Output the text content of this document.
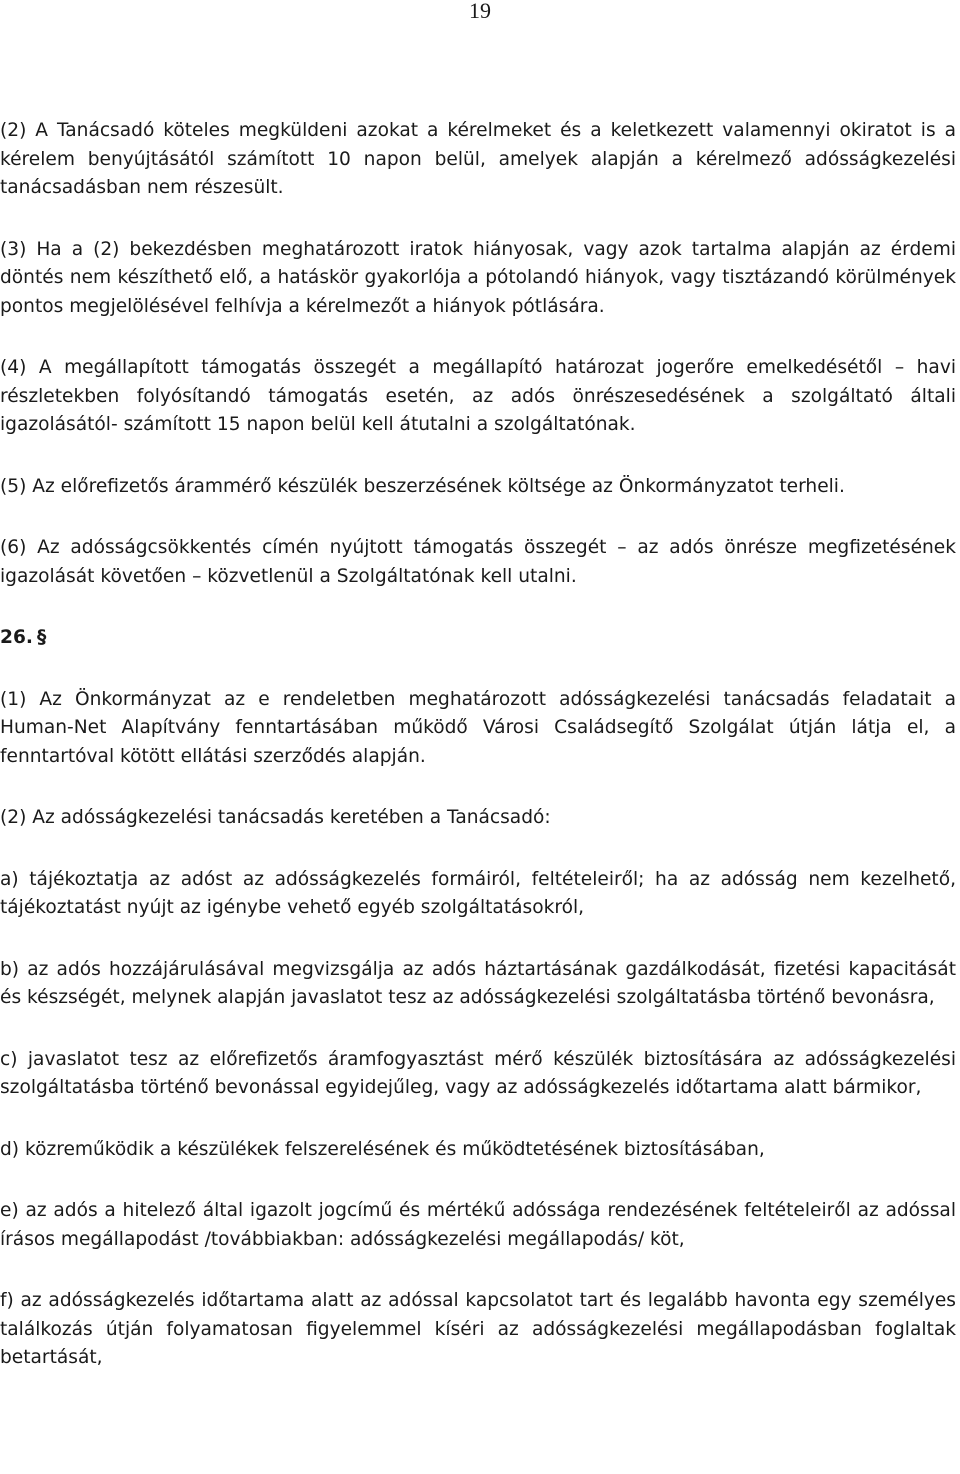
19

(2) A Tanácsadó köteles megküldeni azokat a kérelmeket és a keletkezett valamennyi okiratot is a kérelem benyújtásától számított 10 napon belül, amelyek alapján a kérelmező adósságkezelési tanácsadásban nem részesült.

(3) Ha a (2) bekezdésben meghatározott iratok hiányosak, vagy azok tartalma alapján az érdemi döntés nem készíthető elő, a hatáskör gyakorlója a pótolandó hiányok, vagy tisztázandó körülmények pontos megjelölésével felhívja a kérelmezőt a hiányok pótlására.

(4) A megállapított támogatás összegét a megállapító határozat jogerőre emelkedésétől – havi részletekben folyósítandó támogatás esetén, az adós önrészesedésének a szolgáltató általi igazolásától- számított 15 napon belül kell átutalni a szolgáltatónak.

(5) Az előrefizetős árammérő készülék beszerzésének költsége az Önkormányzatot terheli.

(6) Az adósságcsökkentés címén nyújtott támogatás összegét – az adós önrésze megfizetésének igazolását követően – közvetlenül a Szolgáltatónak kell utalni.

26. §

(1) Az Önkormányzat az e rendeletben meghatározott adósságkezelési tanácsadás feladatait a Human-Net Alapítvány fenntartásában működő Városi Családsegítő Szolgálat útján látja el, a fenntartóval kötött ellátási szerződés alapján.

(2) Az adósságkezelési tanácsadás keretében a Tanácsadó:

a) tájékoztatja az adóst az adósságkezelés formáiról, feltételeiről; ha az adósság nem kezelhető, tájékoztatást nyújt az igénybe vehető egyéb szolgáltatásokról,

b) az adós hozzájárulásával megvizsgálja az adós háztartásának gazdálkodását, fizetési kapacitását és készségét, melynek alapján javaslatot tesz az adósságkezelési szolgáltatásba történő bevonásra,

c) javaslatot tesz az előrefizetős áramfogyasztást mérő készülék biztosítására az adósságkezelési szolgáltatásba történő bevonással egyidejűleg, vagy az adósságkezelés időtartama alatt bármikor,

d) közreműködik a készülékek felszerelésének és működtetésének biztosításában,

e) az adós a hitelező által igazolt jogcímű és mértékű adóssága rendezésének feltételeiről az adóssal írásos megállapodást /továbbiakban: adósságkezelési megállapodás/ köt,

f) az adósságkezelés időtartama alatt az adóssal kapcsolatot tart és legalább havonta egy személyes találkozás útján folyamatosan figyelemmel kíséri az adósságkezelési megállapodásban foglaltak betartását,
